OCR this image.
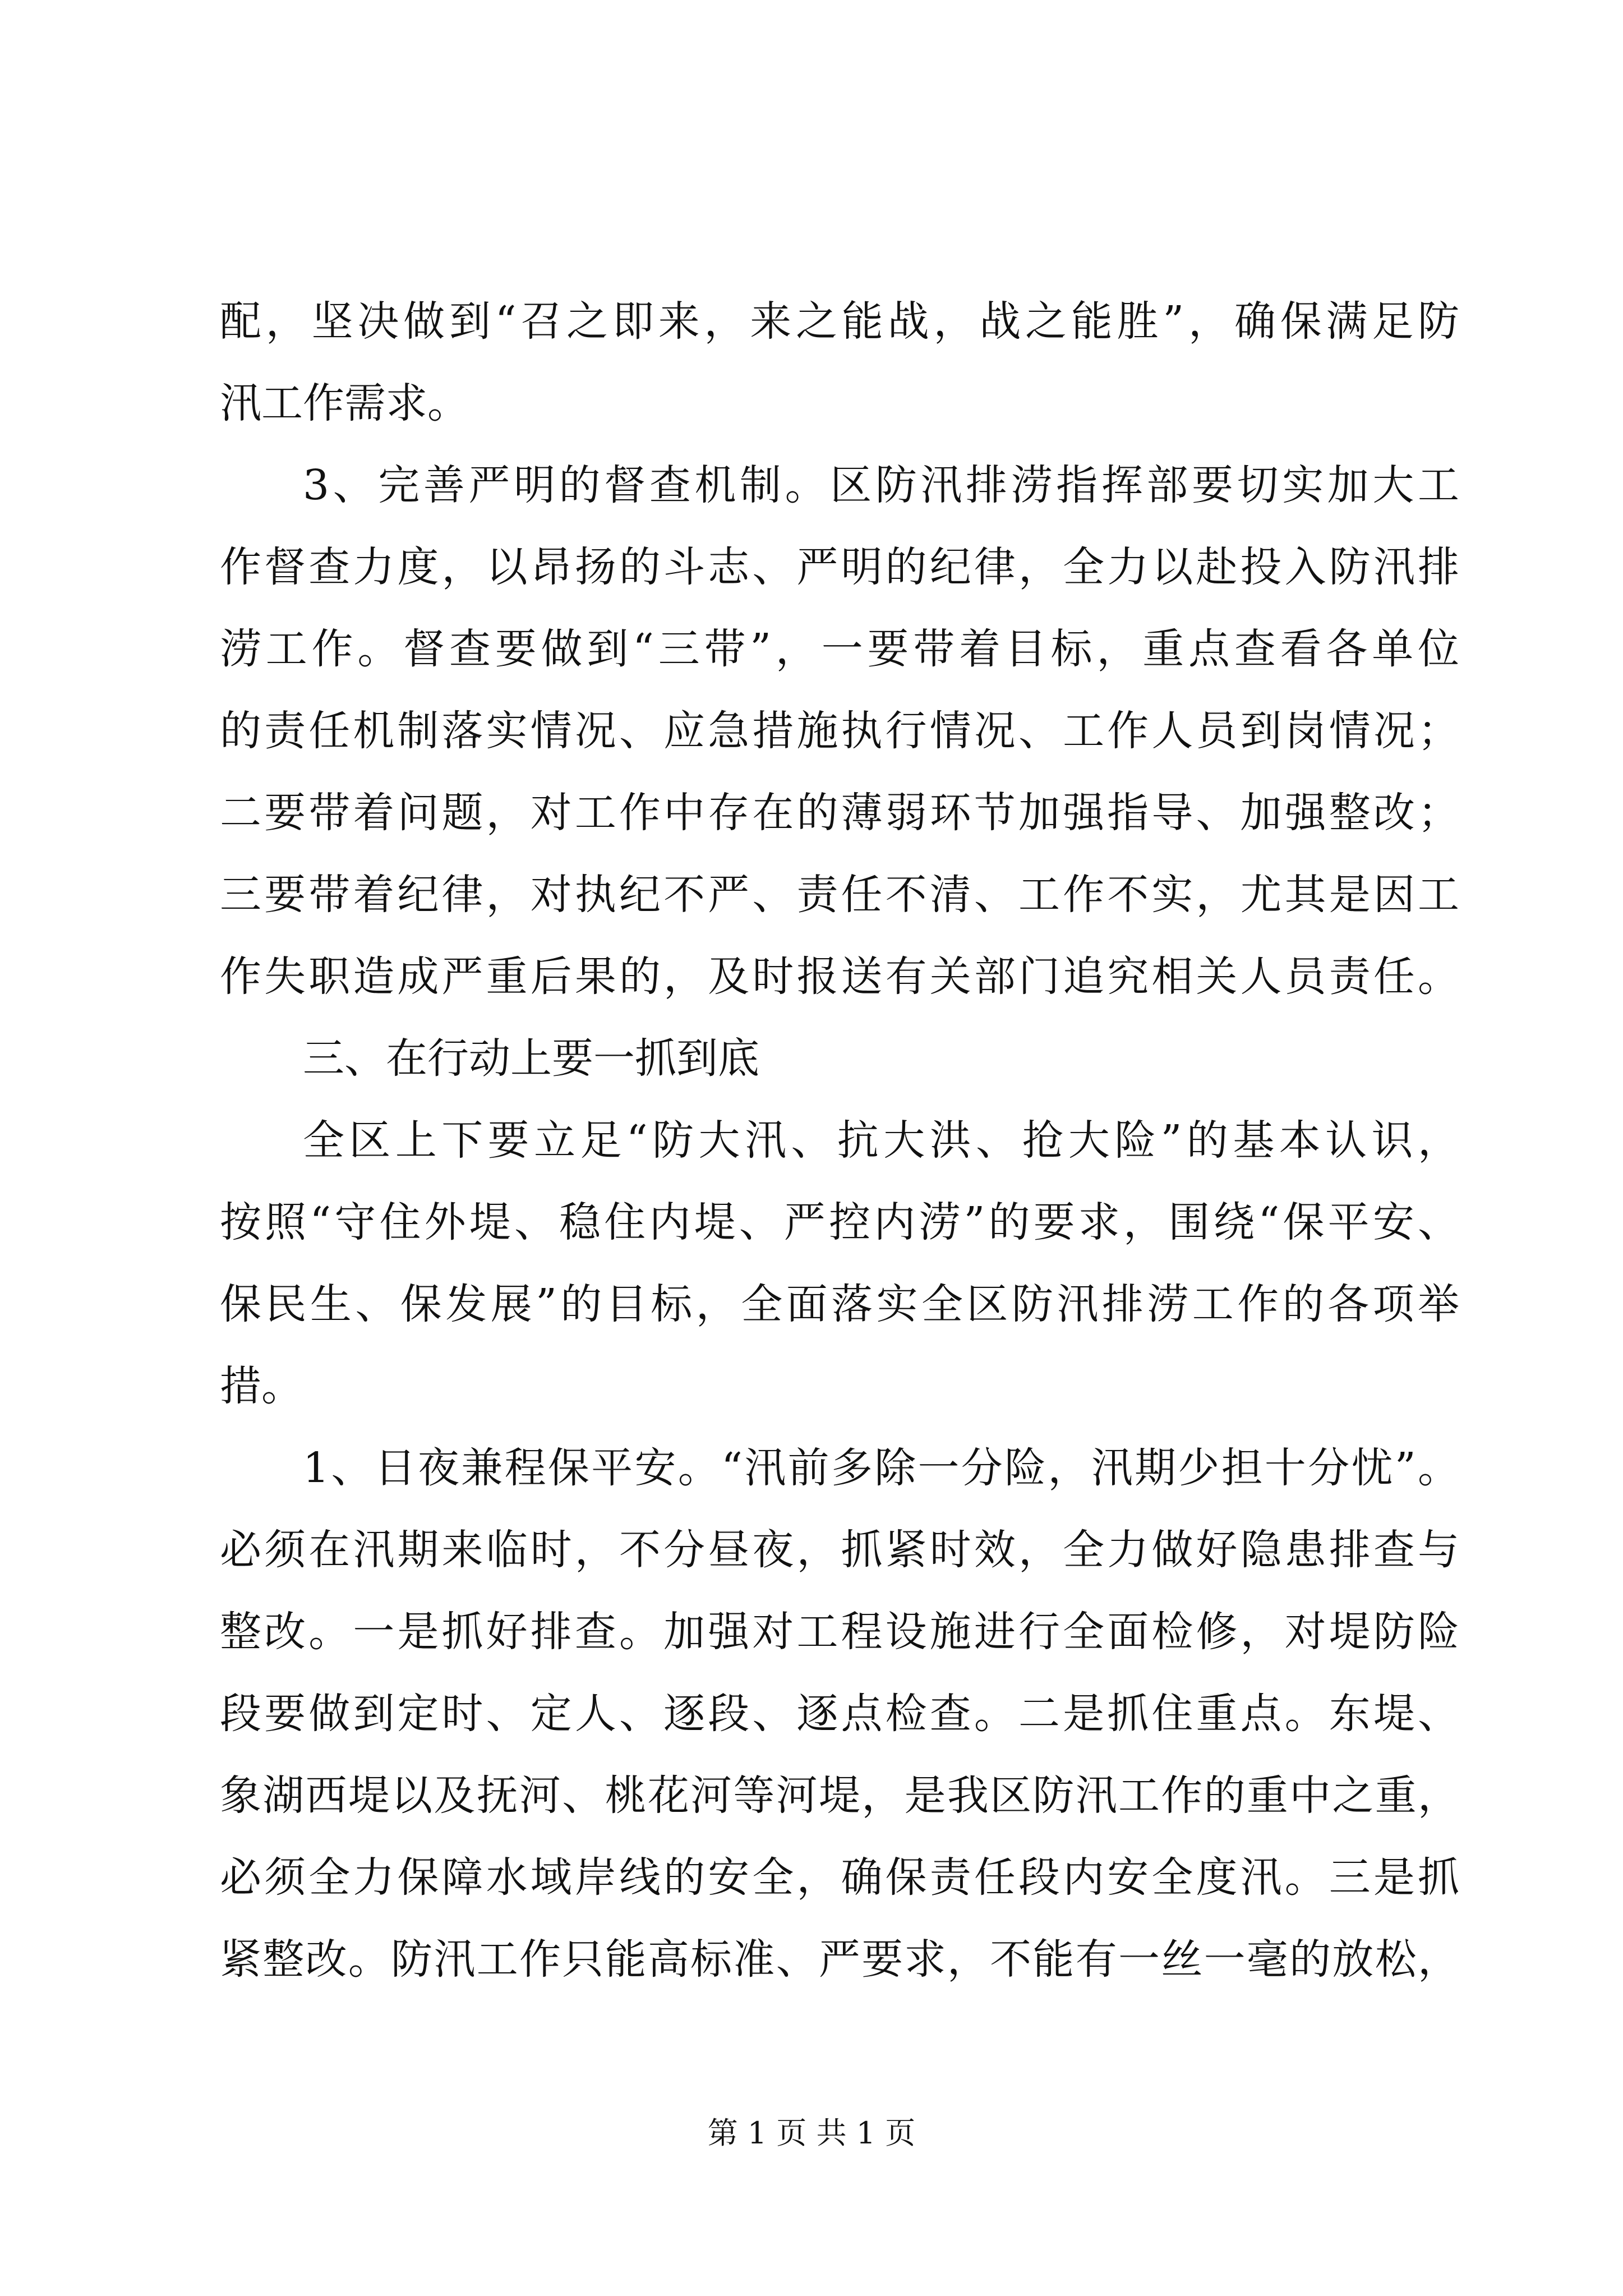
配，坚决做到“召之即来，来之能战，战之能胜”，确保满足防
汛工作需求。
3、完善严明的督查机制。区防汛排涝指挥部要切实加大工
作督查力度，以昂扬的斗志、严明的纪律，全力以赴投入防汛排
涝工作。督查要做到“三带”，一要带着目标，重点查看各单位
的责任机制落实情况、应急措施执行情况、工作人员到岗情况；
二要带着问题，对工作中存在的薄弱环节加强指导、加强整改；
三要带着纪律，对执纪不严、责任不清、工作不实，尤其是因工
作失职造成严重后果的，及时报送有关部门追究相关人员责任。
三、在行动上要一抓到底
全区上下要立足“防大汛、抗大洪、抢大险”的基本认识，
按照“守住外堤、稳住内堤、严控内涝”的要求，围绕“保平安、
保民生、保发展”的目标，全面落实全区防汛排涝工作的各项举
措。
1、日夜兼程保平安。“汛前多除一分险，汛期少担十分忧”。
必须在汛期来临时，不分昼夜，抓紧时效，全力做好隐患排查与
整改。一是抓好排查。加强对工程设施进行全面检修，对堤防险
段要做到定时、定人、逐段、逐点检查。二是抓住重点。东堤、
象湖西堤以及抚河、桃花河等河堤，是我区防汛工作的重中之重，
必须全力保障水域岸线的安全，确保责任段内安全度汛。三是抓
紧整改。防汛工作只能高标准、严要求，不能有一丝一毫的放松，
第 1 页 共 1 页
